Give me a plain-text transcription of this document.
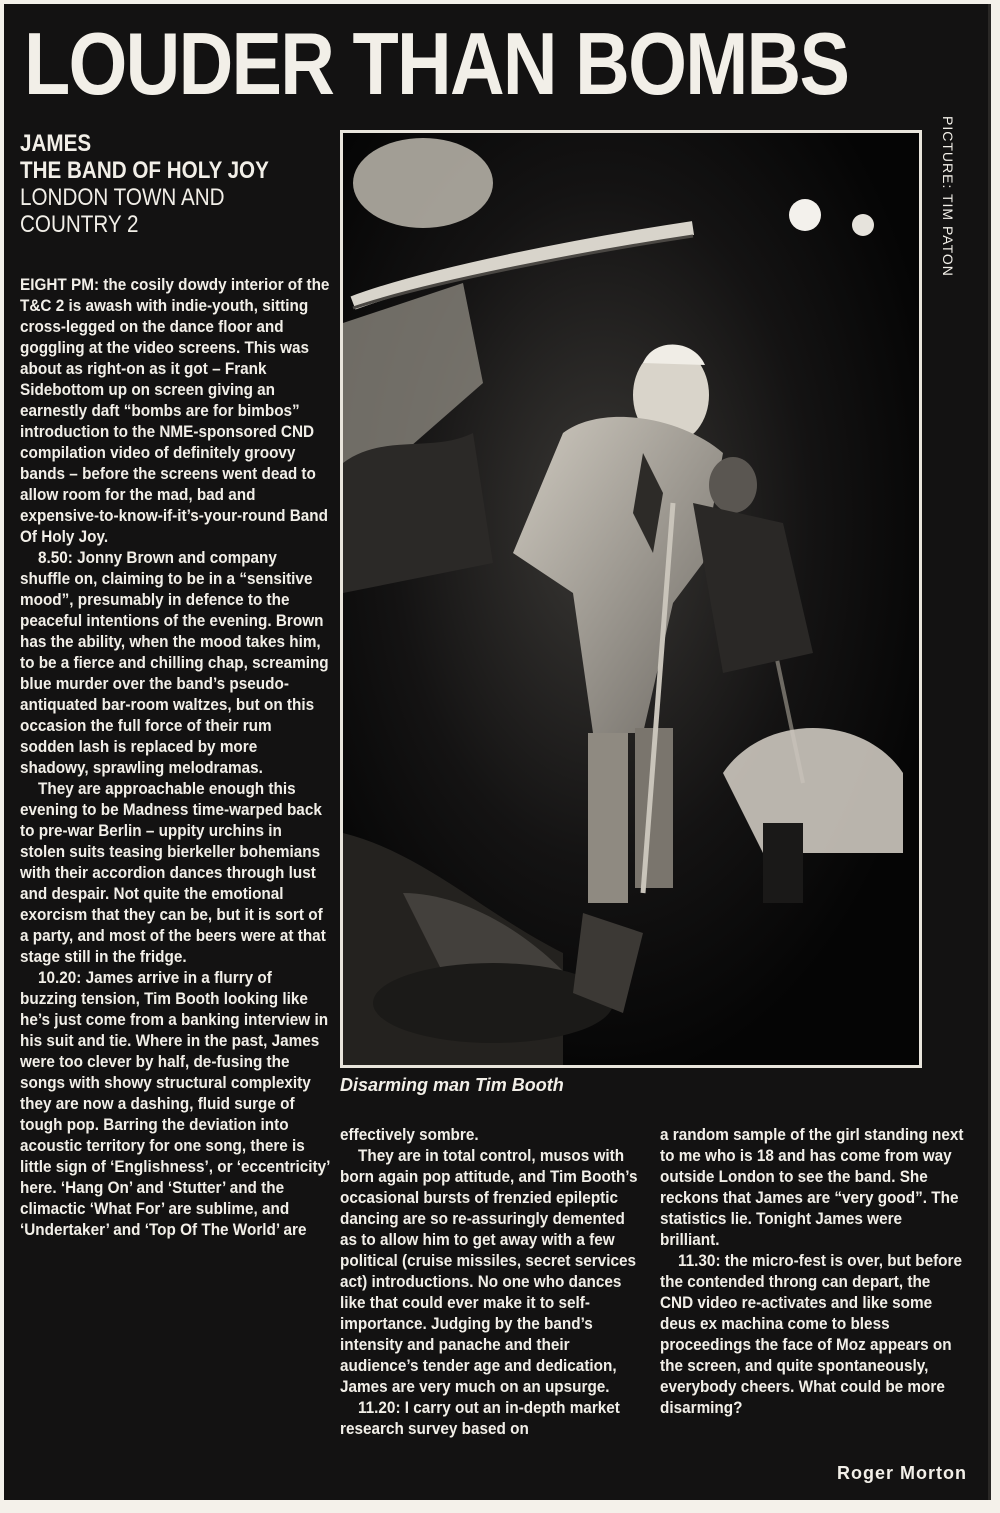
LOUDER THAN BOMBS
PICTURE: TIM PATON
JAMES
THE BAND OF HOLY JOY
LONDON TOWN AND
COUNTRY 2

EIGHT PM: the cosily dowdy interior of the T&C 2 is awash with indie-youth, sitting cross-legged on the dance floor and goggling at the video screens. This was about as right-on as it got – Frank Sidebottom up on screen giving an earnestly daft “bombs are for bimbos” introduction to the NME-sponsored CND compilation video of definitely groovy bands – before the screens went dead to allow room for the mad, bad and expensive-to-know-if-it’s-your-round Band Of Holy Joy.

8.50: Jonny Brown and company shuffle on, claiming to be in a “sensitive mood”, presumably in defence to the peaceful intentions of the evening. Brown has the ability, when the mood takes him, to be a fierce and chilling chap, screaming blue murder over the band’s pseudo-antiquated bar-room waltzes, but on this occasion the full force of their rum sodden lash is replaced by more shadowy, sprawling melodramas.

They are approachable enough this evening to be Madness time-warped back to pre-war Berlin – uppity urchins in stolen suits teasing bierkeller bohemians with their accordion dances through lust and despair. Not quite the emotional exorcism that they can be, but it is sort of a party, and most of the beers were at that stage still in the fridge.

10.20: James arrive in a flurry of buzzing tension, Tim Booth looking like he’s just come from a banking interview in his suit and tie. Where in the past, James were too clever by half, de-fusing the songs with showy structural complexity they are now a dashing, fluid surge of tough pop. Barring the deviation into acoustic territory for one song, there is little sign of ‘Englishness’, or ‘eccentricity’ here. ‘Hang On’ and ‘Stutter’ and the climactic ‘What For’ are sublime, and ‘Undertaker’ and ‘Top Of The World’ are

Disarming man Tim Booth

effectively sombre.

They are in total control, musos with born again pop attitude, and Tim Booth’s occasional bursts of frenzied epileptic dancing are so re-assuringly demented as to allow him to get away with a few political (cruise missiles, secret services act) introductions. No one who dances like that could ever make it to self-importance. Judging by the band’s intensity and panache and their audience’s tender age and dedication, James are very much on an upsurge.

11.20: I carry out an in-depth market research survey based on

a random sample of the girl standing next to me who is 18 and has come from way outside London to see the band. She reckons that James are “very good”. The statistics lie. Tonight James were brilliant.

11.30: the micro-fest is over, but before the contended throng can depart, the CND video re-activates and like some deus ex machina come to bless proceedings the face of Moz appears on the screen, and quite spontaneously, everybody cheers. What could be more disarming?

Roger Morton
